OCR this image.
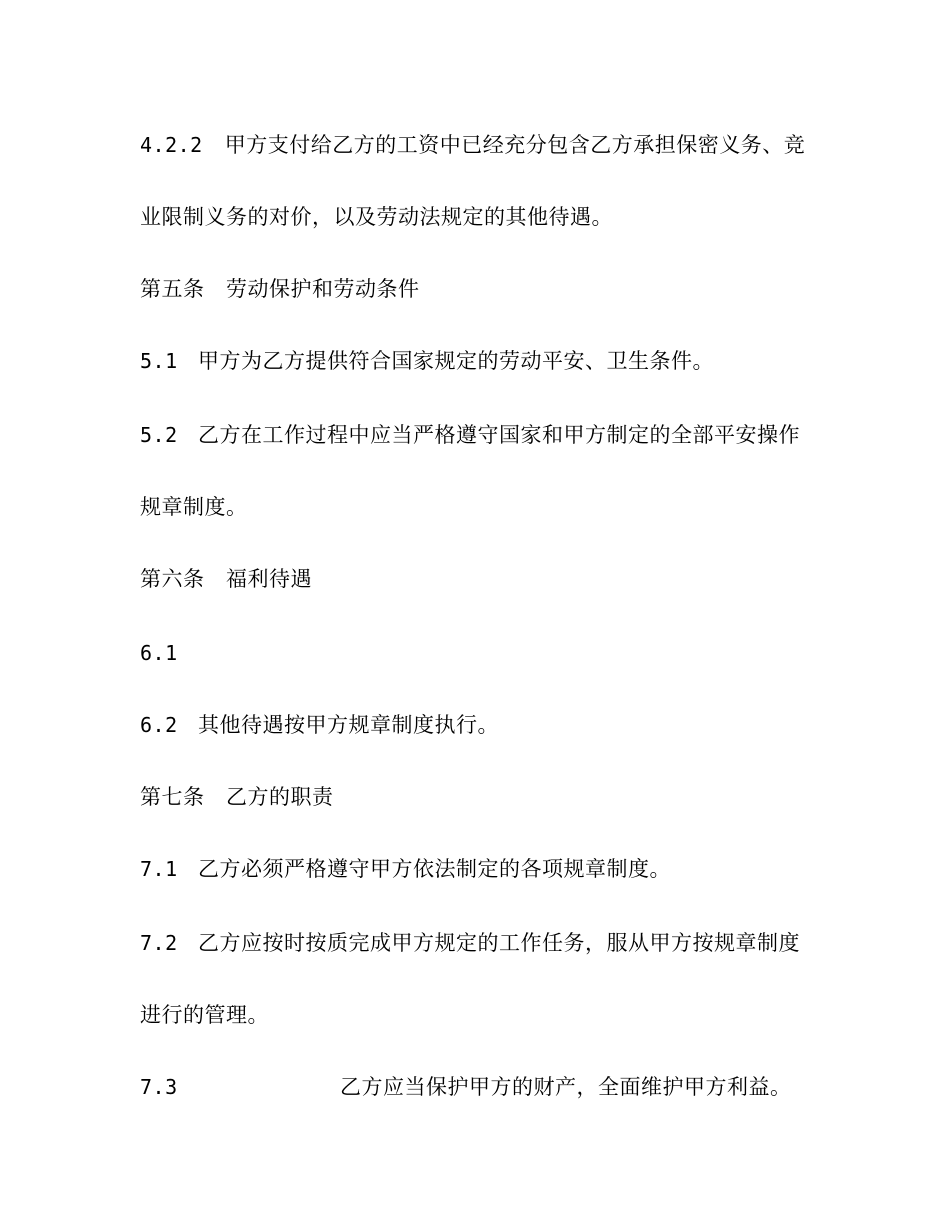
4.2.2 甲方支付给乙方的工资中已经充分包含乙方承担保密义务、竞
业限制义务的对价，以及劳动法规定的其他待遇。
第五条　劳动保护和劳动条件
5.1 甲方为乙方提供符合国家规定的劳动平安、卫生条件。
5.2 乙方在工作过程中应当严格遵守国家和甲方制定的全部平安操作
规章制度。
第六条　福利待遇
6.1
6.2 其他待遇按甲方规章制度执行。
第七条　乙方的职责
7.1 乙方必须严格遵守甲方依法制定的各项规章制度。
7.2 乙方应按时按质完成甲方规定的工作任务，服从甲方按规章制度
进行的管理。
7.3	乙方应当保护甲方的财产，全面维护甲方利益。
